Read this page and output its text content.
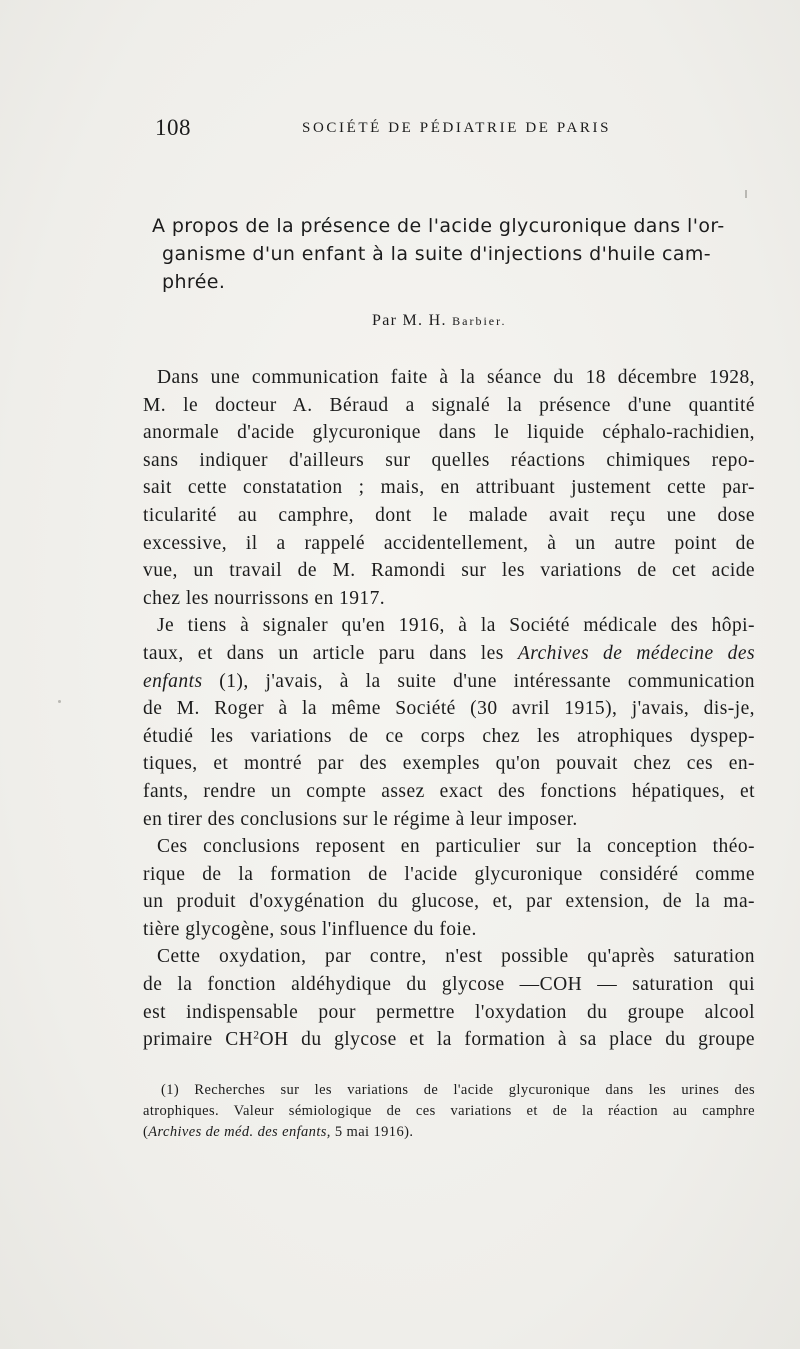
108	SOCIÉTÉ DE PÉDIATRIE DE PARIS
A propos de la présence de l'acide glycuronique dans l'or-
ganisme d'un enfant à la suite d'injections d'huile cam-
phrée.
Par M. H. Barbier.
Dans une communication faite à la séance du 18 décembre 1928,
M. le docteur A. Béraud a signalé la présence d'une quantité
anormale d'acide glycuronique dans le liquide céphalo-rachidien,
sans indiquer d'ailleurs sur quelles réactions chimiques repo-
sait cette constatation ; mais, en attribuant justement cette par-
ticularité au camphre, dont le malade avait reçu une dose
excessive, il a rappelé accidentellement, à un autre point de
vue, un travail de M. Ramondi sur les variations de cet acide
chez les nourrissons en 1917.
Je tiens à signaler qu'en 1916, à la Société médicale des hôpi-
taux, et dans un article paru dans les Archives de médecine des
enfants (1), j'avais, à la suite d'une intéressante communication
de M. Roger à la même Société (30 avril 1915), j'avais, dis-je,
étudié les variations de ce corps chez les atrophiques dyspep-
tiques, et montré par des exemples qu'on pouvait chez ces en-
fants, rendre un compte assez exact des fonctions hépatiques, et
en tirer des conclusions sur le régime à leur imposer.
Ces conclusions reposent en particulier sur la conception théo-
rique de la formation de l'acide glycuronique considéré comme
un produit d'oxygénation du glucose, et, par extension, de la ma-
tière glycogène, sous l'influence du foie.
Cette oxydation, par contre, n'est possible qu'après saturation
de la fonction aldéhydique du glycose —COH — saturation qui
est indispensable pour permettre l'oxydation du groupe alcool
primaire $CH^2OH$ du glycose et la formation à sa place du groupe
(1) Recherches sur les variations de l'acide glycuronique dans les urines des
atrophiques. Valeur sémiologique de ces variations et de la réaction au camphre
(Archives de méd. des enfants, 5 mai 1916).
